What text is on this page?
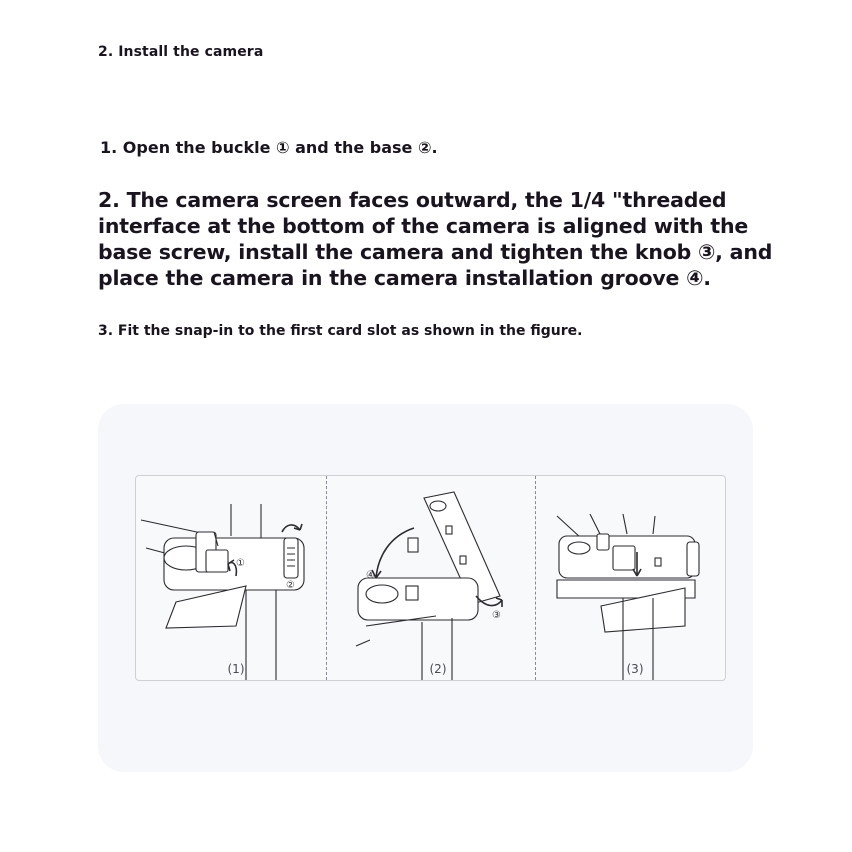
2. Install the camera

1. Open the buckle ① and the base ②.

2. The camera screen faces outward, the 1/4 "threaded interface at the bottom of the camera is aligned with the base screw, install the camera and tighten the knob ③, and place the camera in the camera installation groove ④.

3. Fit the snap-in to the first card slot as shown in the figure.

①
②
(1)
④
③
(2)	(3)
